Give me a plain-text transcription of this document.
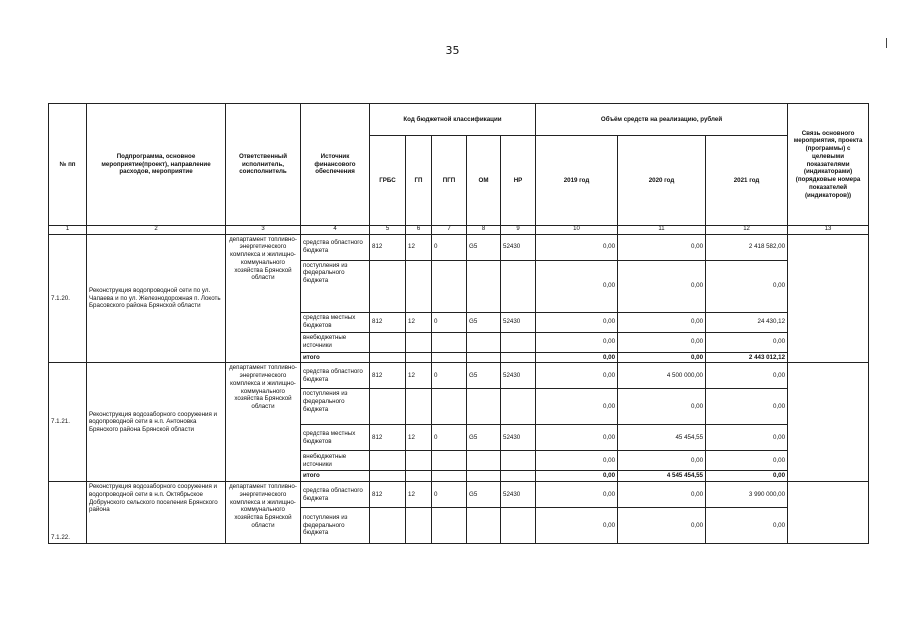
35
№ пп	Подпрограмма, основное мероприятие(проект), направление расходов, мероприятие	Ответственный исполнитель, соисполнитель	Источник финансового обеспечения	Код бюджетной классификации					Объём средств на реализацию, рублей			Связь основного мероприятия, проекта (программы) с целевыми показателями (индикаторами) (порядковые номера показателей (индикаторов))
				ГРБС	ГП	ПГП	ОМ	НР	2019 год	2020 год	2021 год	
1	2	3	4	5	6	7	8	9	10	11	12	13
7.1.20.	Реконструкция водопроводной сети по ул. Чапаева и по ул. Железнодорожная п. Локоть Брасовского района Брянской области	департамент топливно-энергетического комплекса и жилищно-коммунального хозяйства Брянской области	средства областного бюджета	812	12	0	G5	52430	0,00	0,00	2 418 582,00	
			поступления из федерального бюджета						0,00	0,00	0,00	
			средства местных бюджетов	812	12	0	G5	52430	0,00	0,00	24 430,12	
			внебюджетные источники						0,00	0,00	0,00	
			итого						0,00	0,00	2 443 012,12	
7.1.21.	Реконструкция водозаборного сооружения и водопроводной сети в н.п. Антоновка Брянского района Брянской области	департамент топливно-энергетического комплекса и жилищно-коммунального хозяйства Брянской области	средства областного бюджета	812	12	0	G5	52430	0,00	4 500 000,00	0,00	
			поступления из федерального бюджета						0,00	0,00	0,00	
			средства местных бюджетов	812	12	0	G5	52430	0,00	45 454,55	0,00	
			внебюджетные источники						0,00	0,00	0,00	
			итого						0,00	4 545 454,55	0,00	
7.1.22.	Реконструкция водозаборного сооружения и водопроводной сети в н.п. Октябрьское Добрунского сельского поселения Брянского района	департамент топливно-энергетического комплекса и жилищно-коммунального хозяйства Брянской области	средства областного бюджета	812	12	0	G5	52430	0,00	0,00	3 990 000,00	
			поступления из федерального бюджета						0,00	0,00	0,00	
